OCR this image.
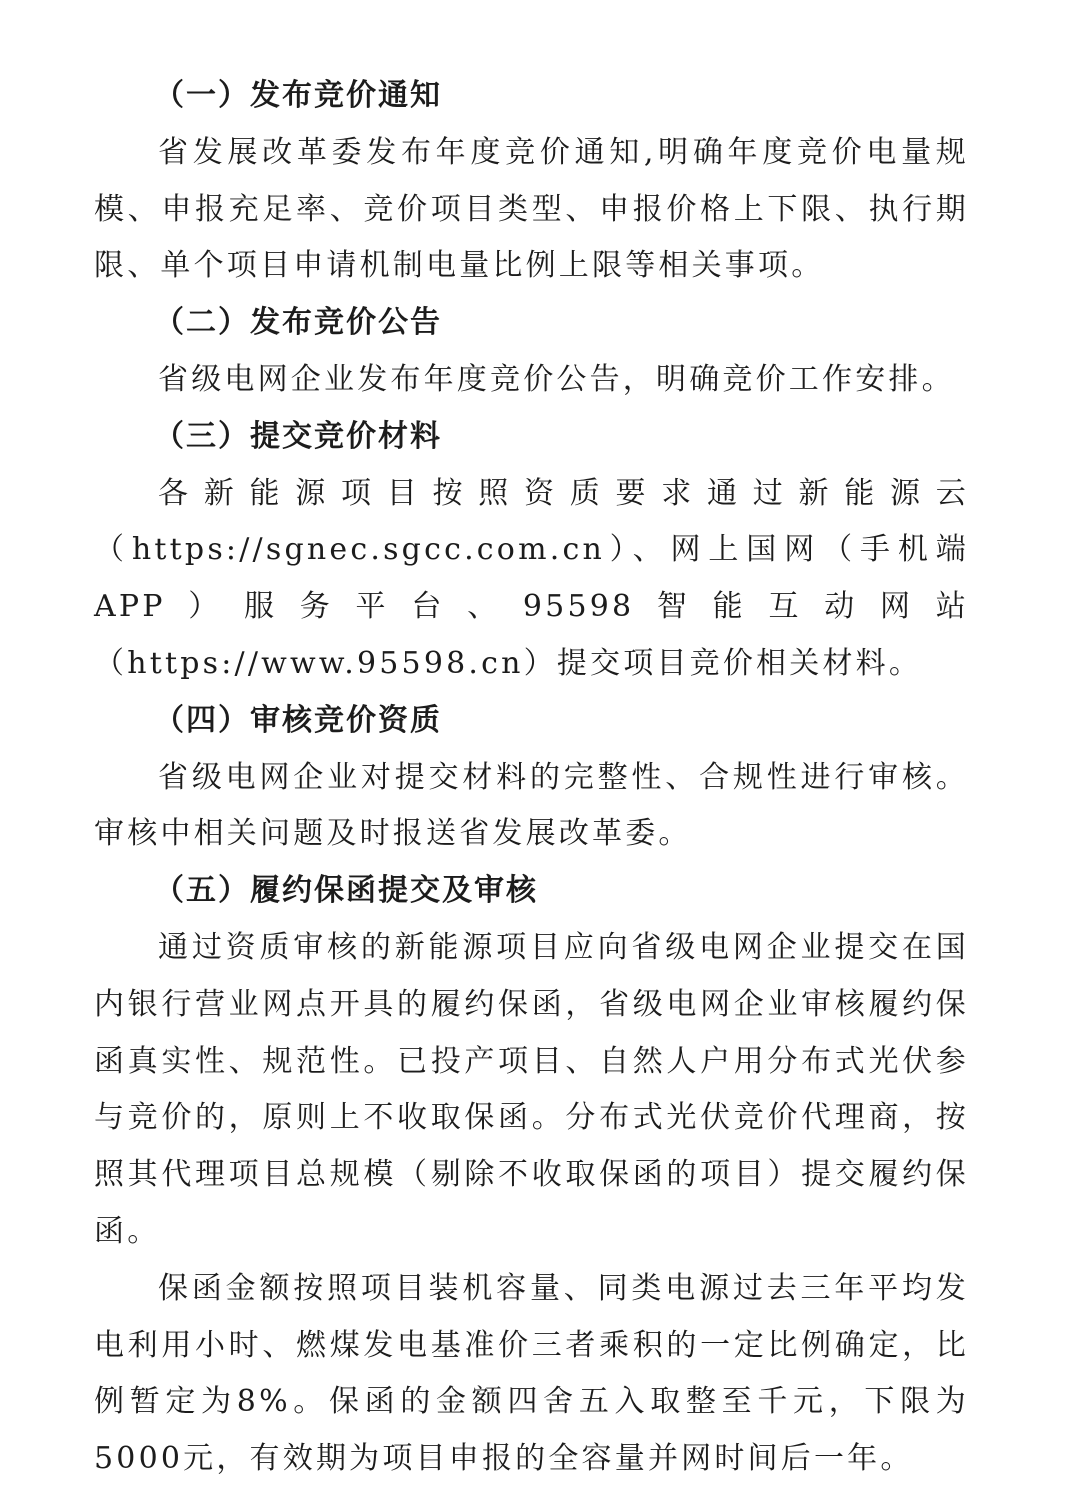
（一）发布竞价通知

省发展改革委发布年度竞价通知,明确年度竞价电量规模、申报充足率、竞价项目类型、申报价格上下限、执行期限、单个项目申请机制电量比例上限等相关事项。

（二）发布竞价公告

省级电网企业发布年度竞价公告，明确竞价工作安排。

（三）提交竞价材料

各新能源项目按照资质要求通过新能源云（https://sgnec.sgcc.com.cn）、网上国网（手机端APP）服务平台、95598智能互动网站（https://www.95598.cn）提交项目竞价相关材料。

（四）审核竞价资质

省级电网企业对提交材料的完整性、合规性进行审核。审核中相关问题及时报送省发展改革委。

（五）履约保函提交及审核

通过资质审核的新能源项目应向省级电网企业提交在国内银行营业网点开具的履约保函，省级电网企业审核履约保函真实性、规范性。已投产项目、自然人户用分布式光伏参与竞价的，原则上不收取保函。分布式光伏竞价代理商，按照其代理项目总规模（剔除不收取保函的项目）提交履约保函。

保函金额按照项目装机容量、同类电源过去三年平均发电利用小时、燃煤发电基准价三者乘积的一定比例确定，比例暂定为8%。保函的金额四舍五入取整至千元，下限为5000元，有效期为项目申报的全容量并网时间后一年。
